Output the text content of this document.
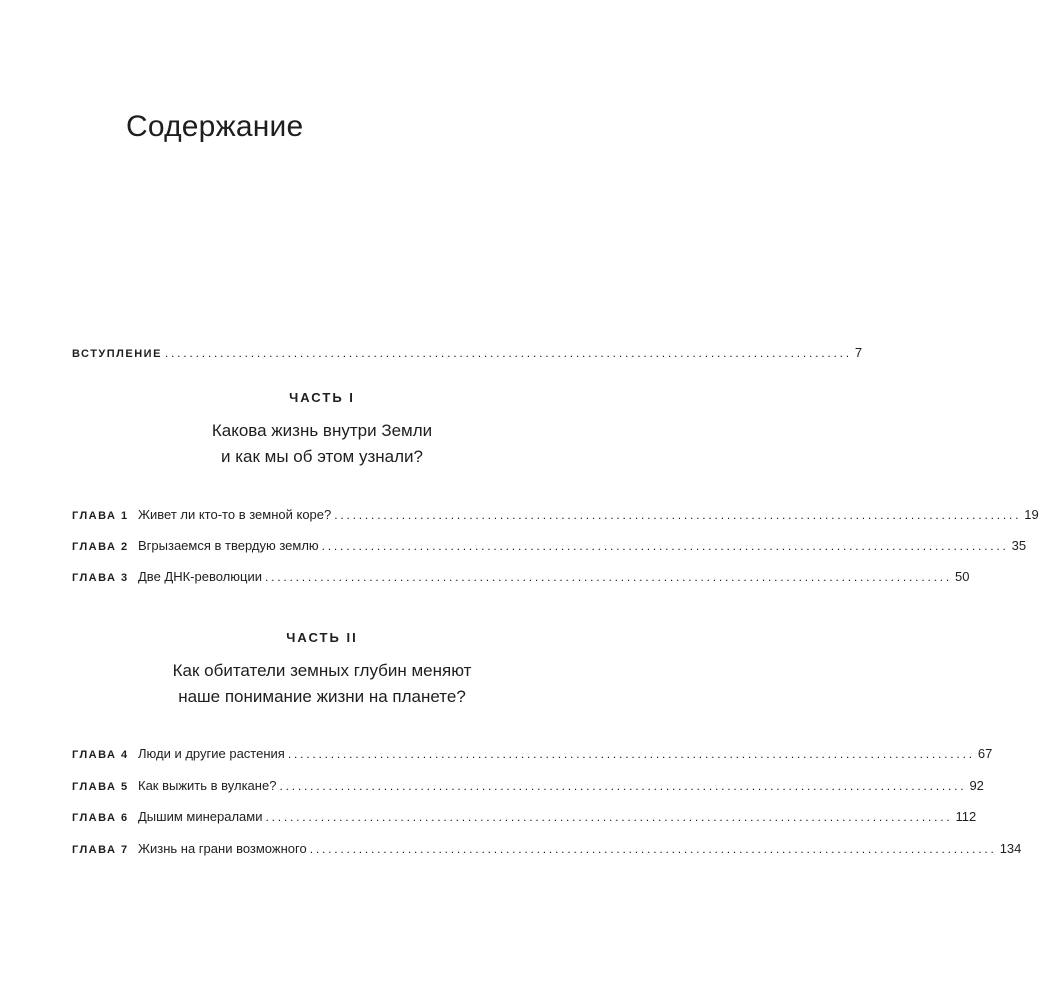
Содержание
ВСТУПЛЕНИЕ ................................................................................................................ 7
ЧАСТЬ I
Какова жизнь внутри Земли
и как мы об этом узнали?
ГЛАВА 1 Живет ли кто-то в земной коре? ................................................................................................................ 19
ГЛАВА 2 Вгрызаемся в твердую землю ................................................................................................................ 35
ГЛАВА 3 Две ДНК-революции ................................................................................................................ 50
ЧАСТЬ II
Как обитатели земных глубин меняют
наше понимание жизни на планете?
ГЛАВА 4 Люди и другие растения ................................................................................................................ 67
ГЛАВА 5 Как выжить в вулкане? ................................................................................................................ 92
ГЛАВА 6 Дышим минералами ................................................................................................................ 112
ГЛАВА 7 Жизнь на грани возможного ................................................................................................................ 134
